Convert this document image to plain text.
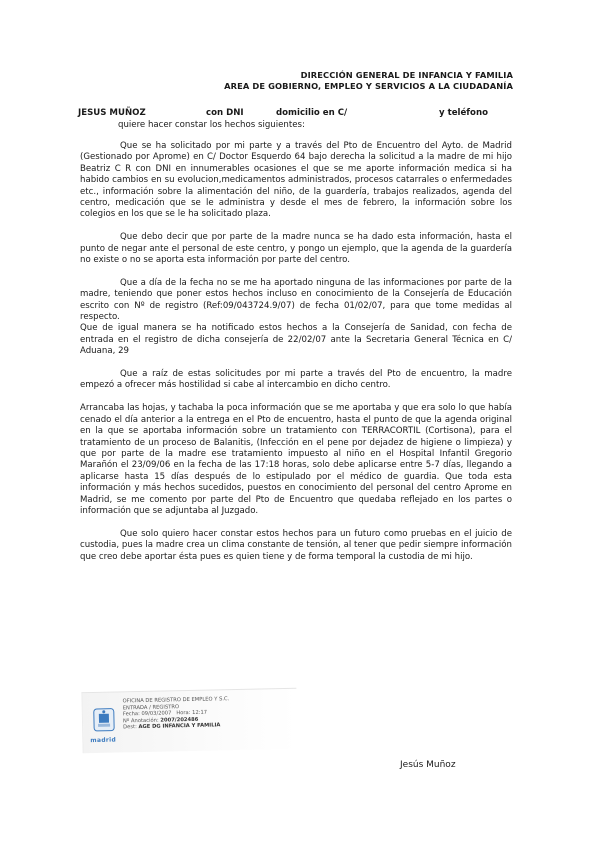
DIRECCIÓN GENERAL DE INFANCIA Y FAMILIA
AREA DE GOBIERNO, EMPLEO Y SERVICIOS A LA CIUDADANÍA
JESUS MUÑOZ	con DNI	domicilio en C/	y teléfono
quiere hacer constar los hechos siguientes:

Que se ha solicitado por mi parte y a través del Pto de Encuentro del Ayto. de Madrid (Gestionado por Aprome) en C/ Doctor Esquerdo 64 bajo derecha la solicitud a la madre de mi hijo Beatriz C R con DNI en innumerables ocasiones el que se me aporte información medica si ha habido cambios en su evolucion,medicamentos administrados, procesos catarrales o enfermedades etc., información sobre la alimentación del niño, de la guardería, trabajos realizados, agenda del centro, medicación que se le administra y desde el mes de febrero, la información sobre los colegios en los que se le ha solicitado plaza.

Que debo decir que por parte de la madre nunca se ha dado esta información, hasta el punto de negar ante el personal de este centro, y pongo un ejemplo, que la agenda de la guardería no existe o no se aporta esta información por parte del centro.

Que a día de la fecha no se me ha aportado ninguna de las informaciones por parte de la madre, teniendo que poner estos hechos incluso en conocimiento de la Consejería de Educación escrito con Nº de registro (Ref:09/043724.9/07) de fecha 01/02/07, para que tome medidas al respecto.

Que de igual manera se ha notificado estos hechos a la Consejería de Sanidad, con fecha de entrada en el registro de dicha consejería de 22/02/07 ante la Secretaria General Técnica en C/ Aduana, 29

Que a raíz de estas solicitudes por mi parte a través del Pto de encuentro, la madre empezó a ofrecer más hostilidad si cabe al intercambio en dicho centro.

Arrancaba las hojas, y tachaba la poca información que se me aportaba y que era solo lo que había cenado el día anterior a la entrega en el Pto de encuentro, hasta el punto de que la agenda original en la que se aportaba información sobre un tratamiento con TERRACORTIL (Cortisona), para el tratamiento de un proceso de Balanitis, (Infección en el pene por dejadez de higiene o limpieza) y que por parte de la madre ese tratamiento impuesto al niño en el Hospital Infantil Gregorio Marañón el 23/09/06 en la fecha de las 17:18 horas, solo debe aplicarse entre 5-7 días, llegando a aplicarse hasta 15 días después de lo estipulado por el médico de guardia. Que toda esta información y más hechos sucedidos, puestos en conocimiento del personal del centro Aprome en Madrid, se me comento por parte del Pto de Encuentro que quedaba reflejado en los partes o información que se adjuntaba al Juzgado.

Que solo quiero hacer constar estos hechos para un futuro como pruebas en el juicio de custodia, pues la madre crea un clima constante de tensión, al tener que pedir siempre información que creo debe aportar ésta pues es quien tiene y de forma temporal la custodia de mi hijo.

madrid
OFICINA DE REGISTRO DE EMPLEO Y S.C.
ENTRADA / REGISTRO
Fecha: 09/03/2007 Hora: 12:17
Nº Anotación: 2007/202486
Dest: AGE DG INFANCIA Y FAMILIA
Jesús Muñoz
